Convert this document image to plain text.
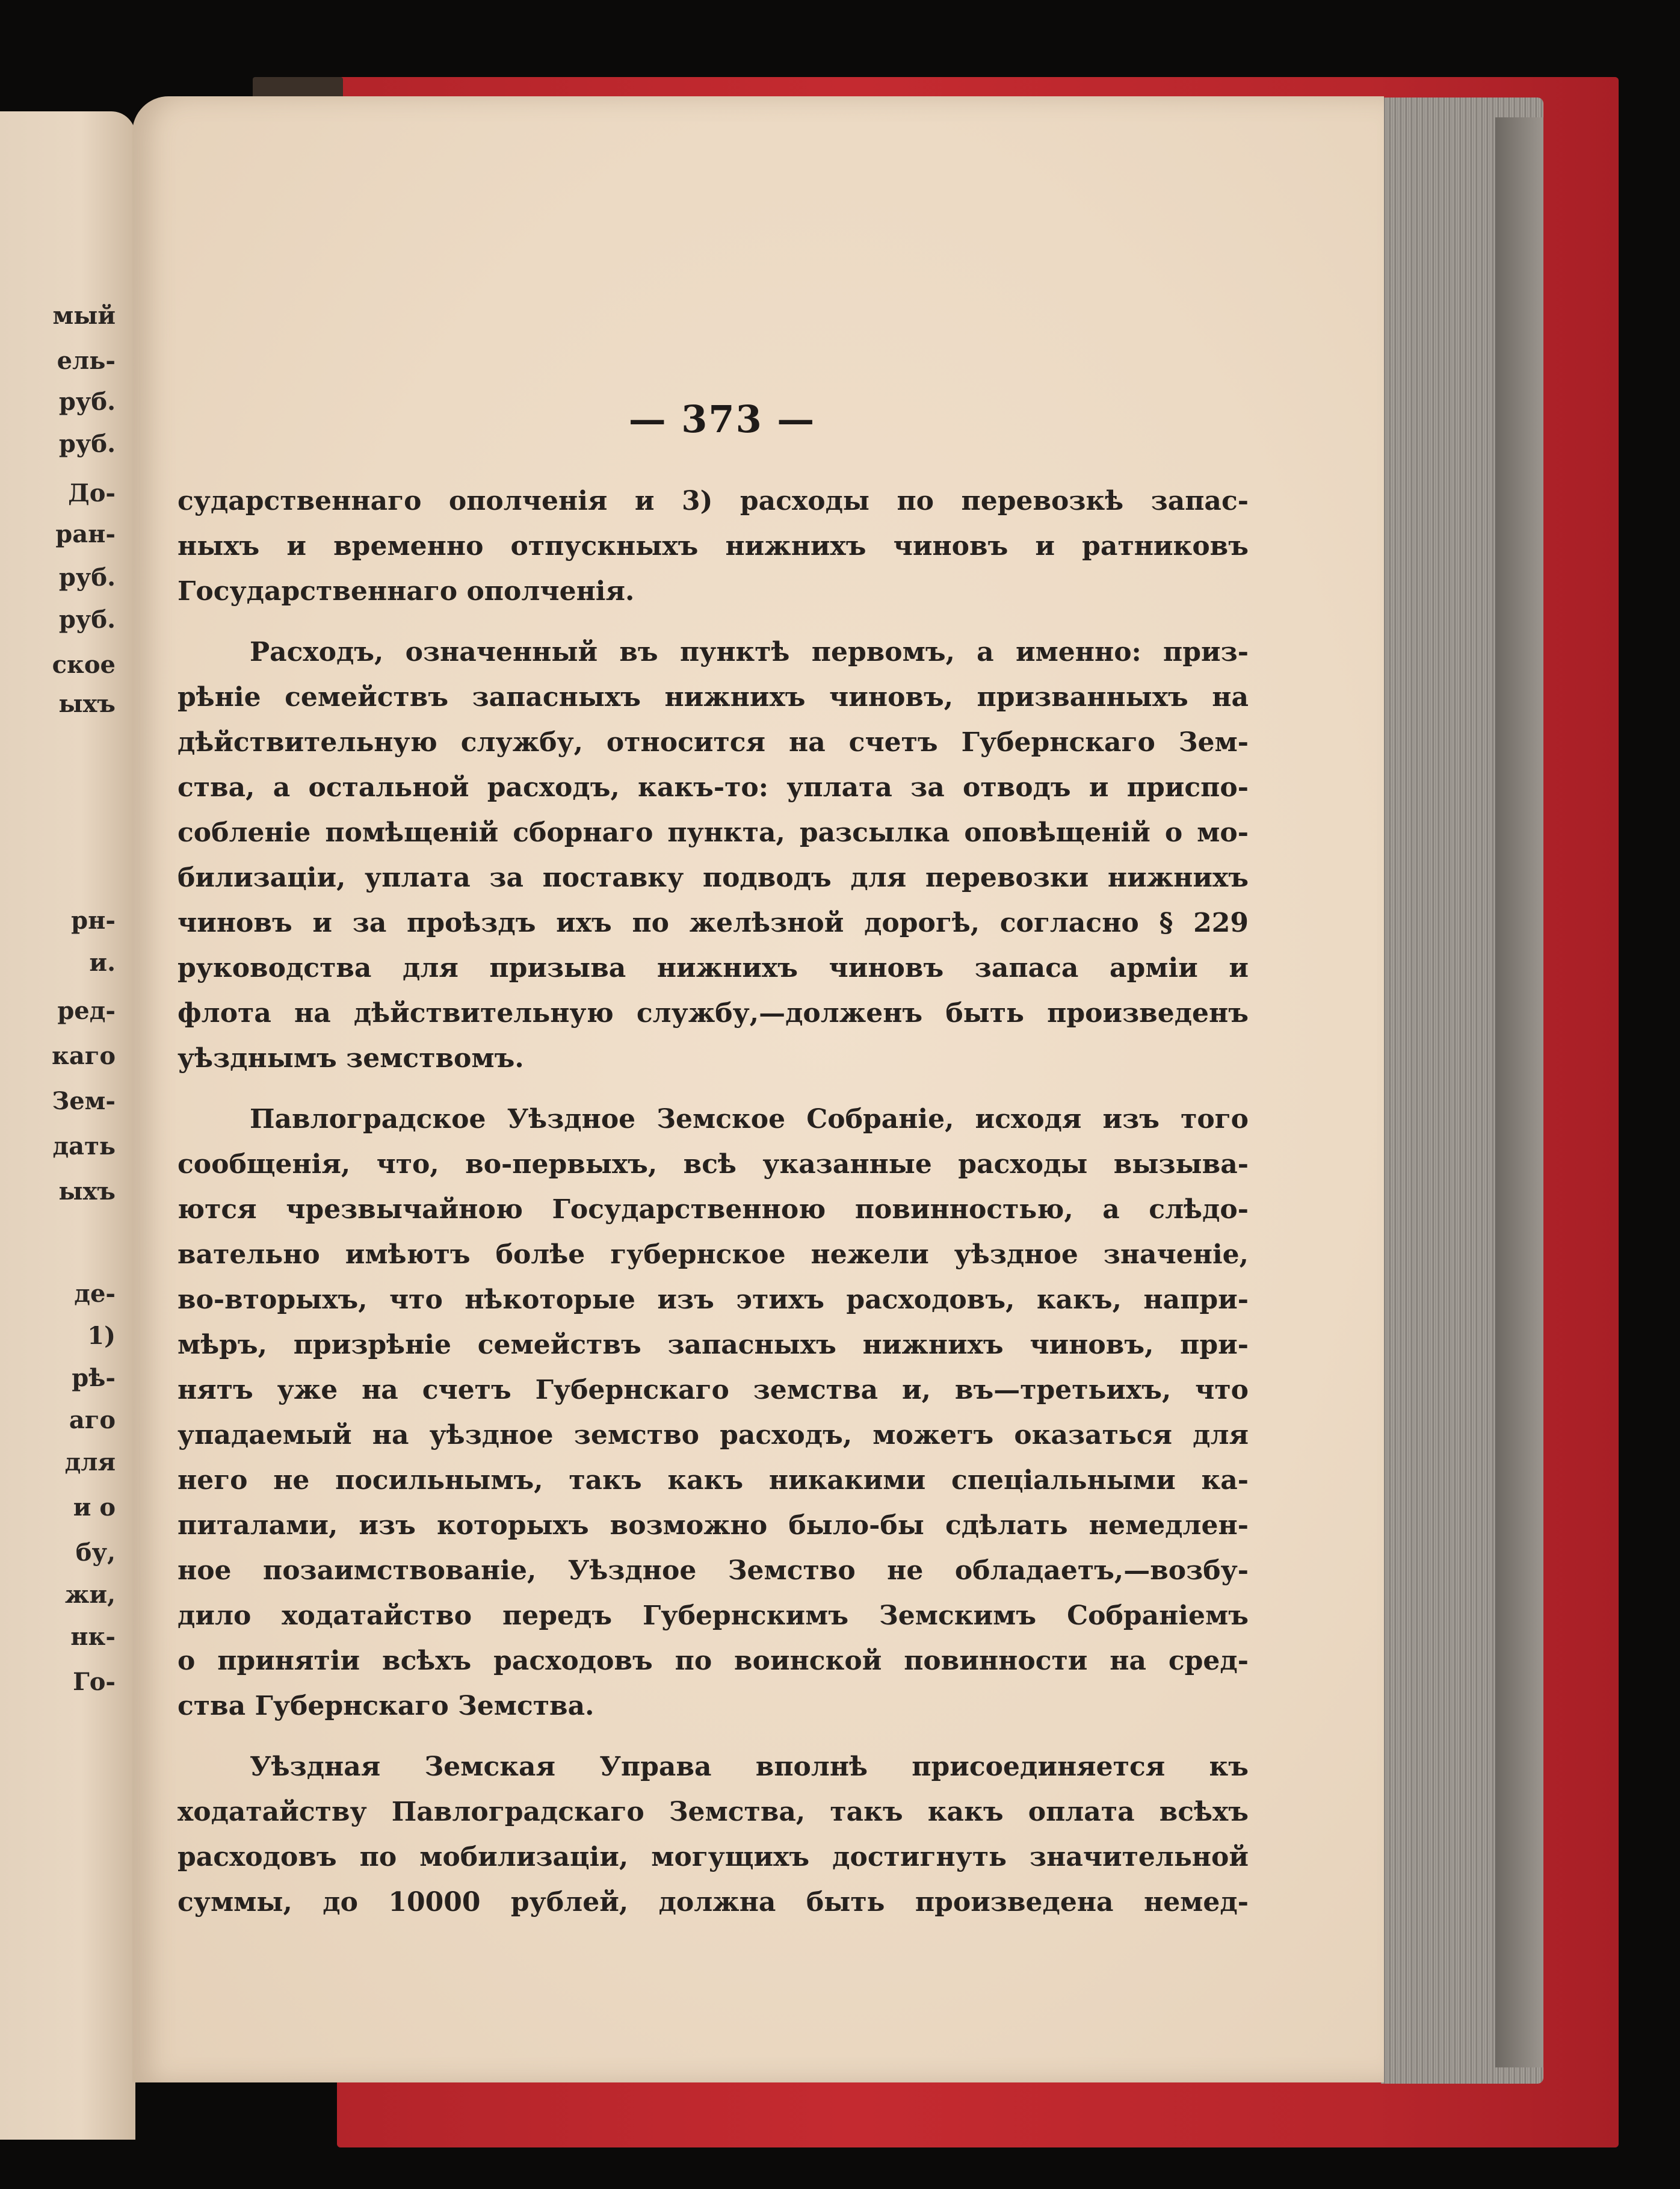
мый
ель-
руб.
руб.
До-
ран-
руб.
руб.
ское
ыхъ
рн-
и.
ред-
каго
Зем-
дать
ыхъ
де-
1)
рѣ-
аго
для
и о
бу,
жи,
нк-
Го-
— 373 —
сударственнаго ополченія и 3) расходы по перевозкѣ запас-
ныхъ и временно отпускныхъ нижнихъ чиновъ и ратниковъ
Государственнаго ополченія.
Расходъ, означенный въ пунктѣ первомъ, а именно: приз-
рѣніе семействъ запасныхъ нижнихъ чиновъ, призванныхъ на
дѣйствительную службу, относится на счетъ Губернскаго Зем-
ства, а остальной расходъ, какъ-то: уплата за отводъ и приспо-
собленіе помѣщеній сборнаго пункта, разсылка оповѣщеній о мо-
билизаціи, уплата за поставку подводъ для перевозки нижнихъ
чиновъ и за проѣздъ ихъ по желѣзной дорогѣ, согласно § 229
руководства для призыва нижнихъ чиновъ запаса арміи и
флота на дѣйствительную службу,—долженъ быть произведенъ
уѣзднымъ земствомъ.
Павлоградское Уѣздное Земское Собраніе, исходя изъ того
сообщенія, что, во-первыхъ, всѣ указанные расходы вызыва-
ются чрезвычайною Государственною повинностью, а слѣдо-
вательно имѣютъ болѣе губернское нежели уѣздное значеніе,
во-вторыхъ, что нѣкоторые изъ этихъ расходовъ, какъ, напри-
мѣръ, призрѣніе семействъ запасныхъ нижнихъ чиновъ, при-
нятъ уже на счетъ Губернскаго земства и, въ—третьихъ, что
упадаемый на уѣздное земство расходъ, можетъ оказаться для
него не посильнымъ, такъ какъ никакими спеціальными ка-
питалами, изъ которыхъ возможно было-бы сдѣлать немедлен-
ное позаимствованіе, Уѣздное Земство не обладаетъ,—возбу-
дило ходатайство передъ Губернскимъ Земскимъ Собраніемъ
о принятіи всѣхъ расходовъ по воинской повинности на сред-
ства Губернскаго Земства.
Уѣздная Земская Управа вполнѣ присоединяется къ
ходатайству Павлоградскаго Земства, такъ какъ оплата всѣхъ
расходовъ по мобилизаціи, могущихъ достигнуть значительной
суммы, до 10000 рублей, должна быть произведена немед-
